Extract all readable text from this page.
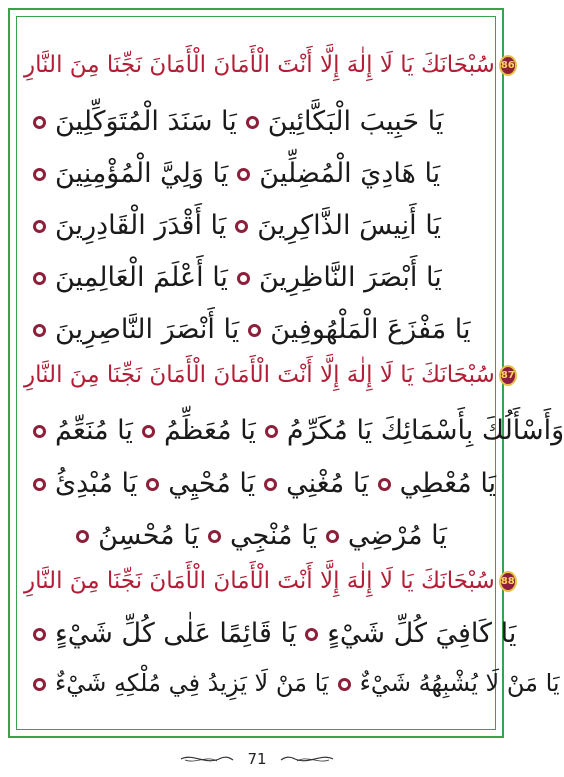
86
سُبْحَانَكَ يَا لَا إِلٰهَ إِلَّا أَنْتَ الْأَمَانَ الْأَمَانَ نَجِّنَا مِنَ النَّارِ
يَا حَبِيبَ الْبَكَّائِينَيَا سَنَدَ الْمُتَوَكِّلِينَ
يَا هَادِيَ الْمُضِلِّينَيَا وَلِيَّ الْمُؤْمِنِينَ
يَا أَنِيسَ الذَّاكِرِينَيَا أَقْدَرَ الْقَادِرِينَ
يَا أَبْصَرَ النَّاظِرِينَيَا أَعْلَمَ الْعَالِمِينَ
يَا مَفْزَعَ الْمَلْهُوفِينَيَا أَنْصَرَ النَّاصِرِينَ
87
سُبْحَانَكَ يَا لَا إِلٰهَ إِلَّا أَنْتَ الْأَمَانَ الْأَمَانَ نَجِّنَا مِنَ النَّارِ
وَأَسْأَلُكَ بِأَسْمَائِكَ يَا مُكَرِّمُيَا مُعَظِّمُيَا مُنَعِّمُ
يَا مُعْطِييَا مُغْنِييَا مُحْيِييَا مُبْدِئُ
يَا مُرْضِييَا مُنْجِييَا مُحْسِنُ
88
سُبْحَانَكَ يَا لَا إِلٰهَ إِلَّا أَنْتَ الْأَمَانَ الْأَمَانَ نَجِّنَا مِنَ النَّارِ
يَا كَافِيَ كُلِّ شَيْءٍيَا قَائِمًا عَلٰى كُلِّ شَيْءٍ
يَا مَنْ لَا يُشْبِهُهُ شَيْءٌيَا مَنْ لَا يَزِيدُ فِي مُلْكِهِ شَيْءٌ
71
